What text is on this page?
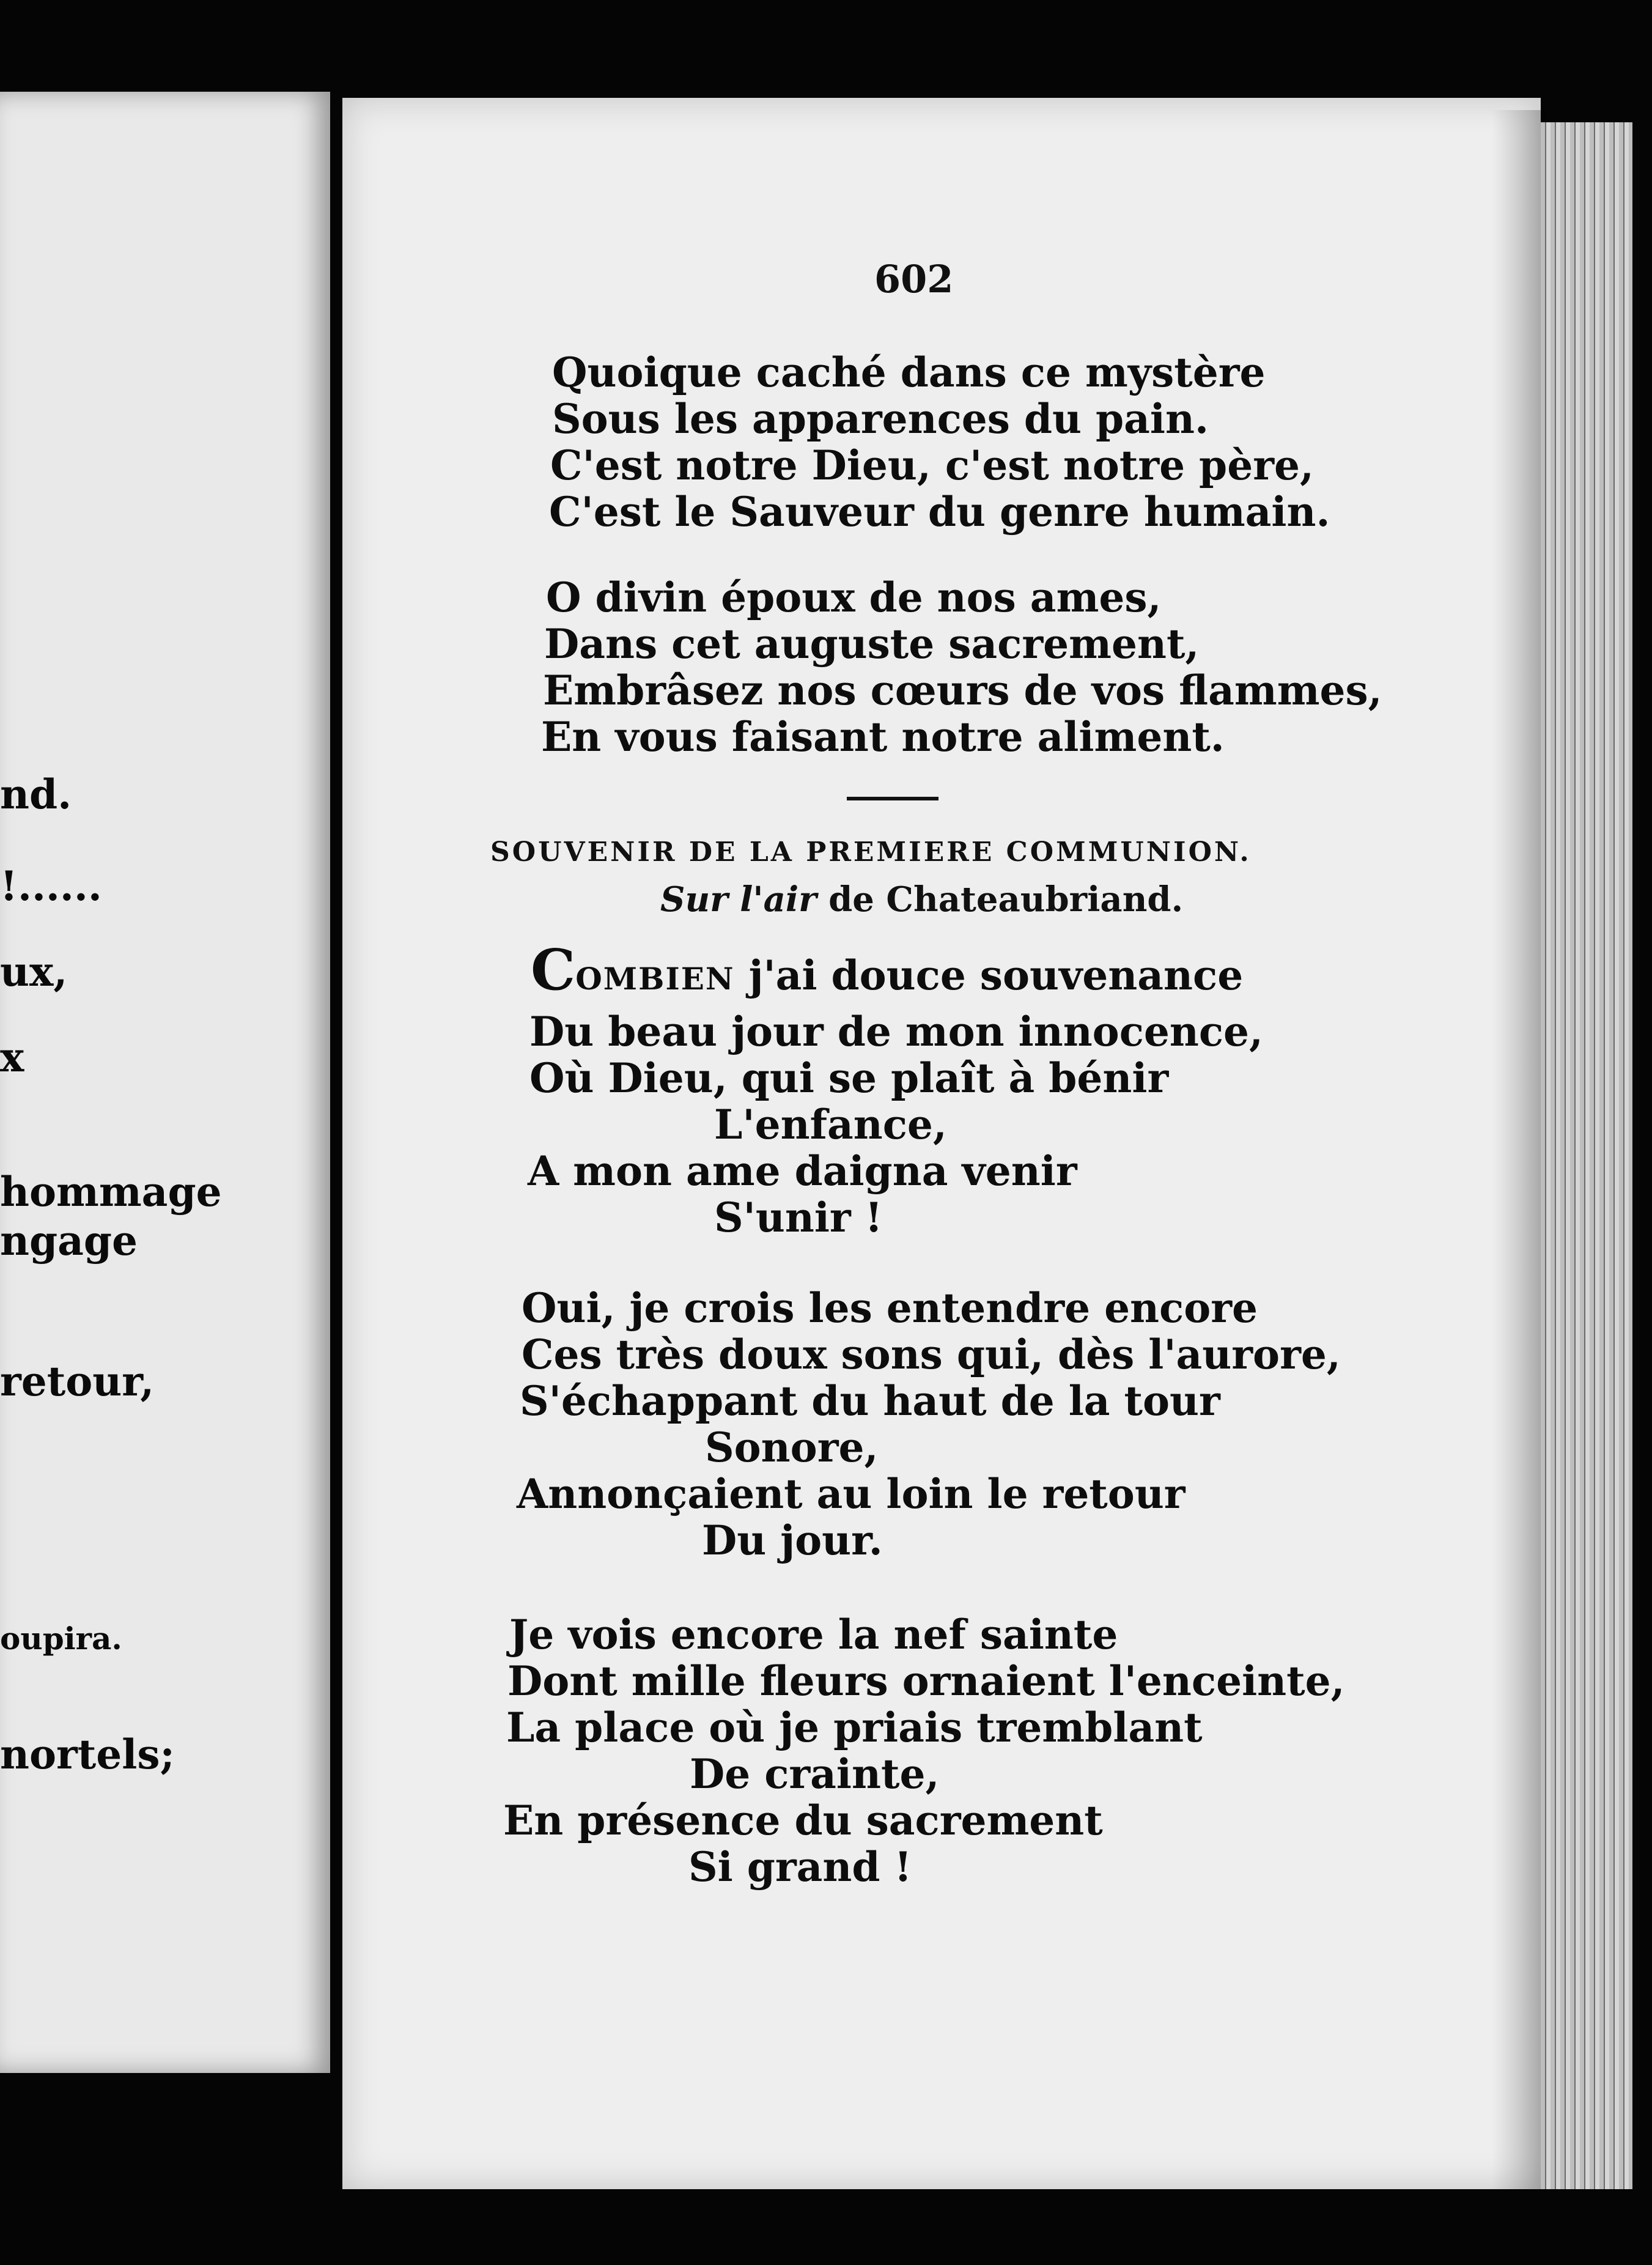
nd.
!......
ux,
x
hommage
ngage
retour,
oupira.
nortels;
602
Quoique caché dans ce mystère
Sous les apparences du pain.
C'est notre Dieu, c'est notre père,
C'est le Sauveur du genre humain.
O divin époux de nos ames,
Dans cet auguste sacrement,
Embrâsez nos cœurs de vos flammes,
En vous faisant notre aliment.
SOUVENIR DE LA PREMIERE COMMUNION.
Sur l'air de Chateaubriand.
COMBIEN j'ai douce souvenance
Du beau jour de mon innocence,
Où Dieu, qui se plaît à bénir
L'enfance,
A mon ame daigna venir
S'unir !
Oui, je crois les entendre encore
Ces très doux sons qui, dès l'aurore,
S'échappant du haut de la tour
Sonore,
Annonçaient au loin le retour
Du jour.
Je vois encore la nef sainte
Dont mille fleurs ornaient l'enceinte,
La place où je priais tremblant
De crainte,
En présence du sacrement
Si grand !
